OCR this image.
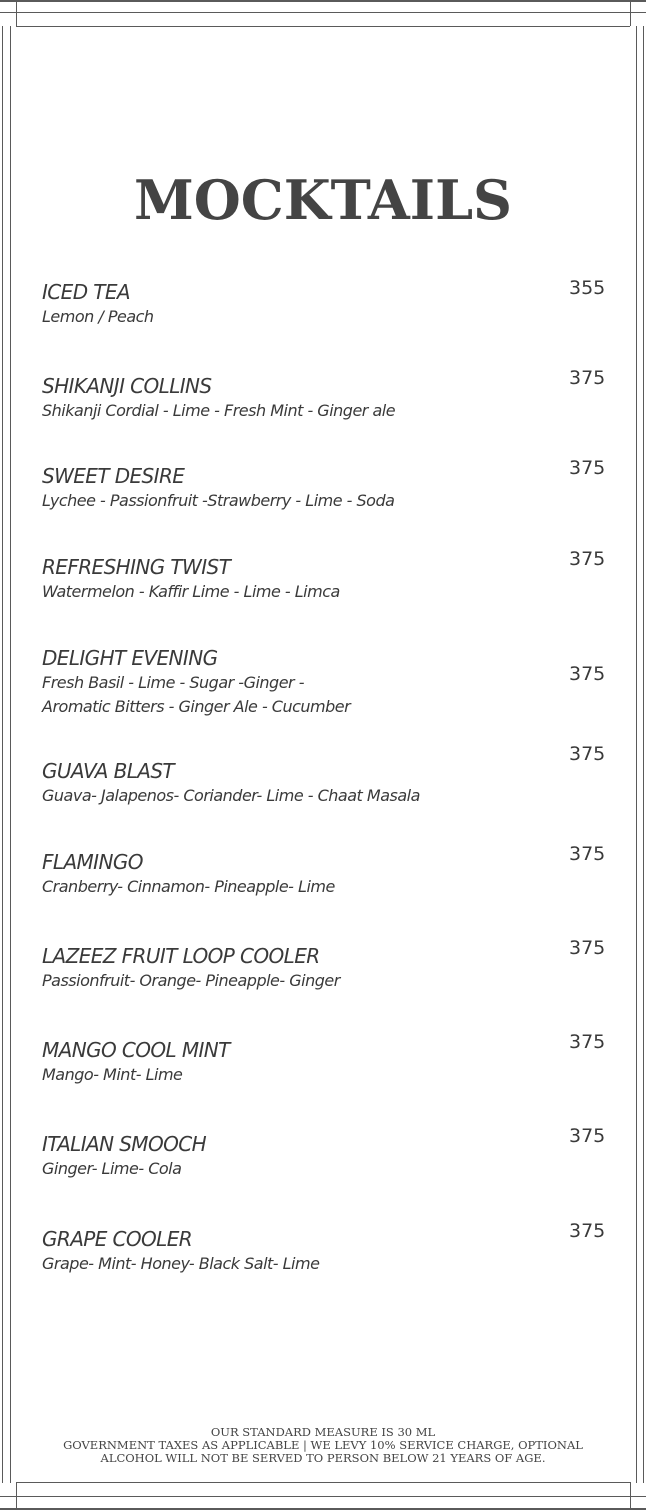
MOCKTAILS
ICED TEA
Lemon / Peach
355
SHIKANJI COLLINS
Shikanji Cordial - Lime - Fresh Mint - Ginger ale
375
SWEET DESIRE
Lychee - Passionfruit -Strawberry - Lime - Soda
375
REFRESHING TWIST
Watermelon - Kaffir Lime - Lime - Limca
375
DELIGHT EVENING
Fresh Basil - Lime - Sugar -Ginger -
Aromatic Bitters - Ginger Ale - Cucumber
375
GUAVA BLAST
Guava- Jalapenos- Coriander- Lime - Chaat Masala
375
FLAMINGO
Cranberry- Cinnamon- Pineapple- Lime
375
LAZEEZ FRUIT LOOP COOLER
Passionfruit- Orange- Pineapple- Ginger
375
MANGO COOL MINT
Mango- Mint- Lime
375
ITALIAN SMOOCH
Ginger- Lime- Cola
375
GRAPE COOLER
Grape- Mint- Honey- Black Salt- Lime
375
OUR STANDARD MEASURE IS 30 ML
GOVERNMENT TAXES AS APPLICABLE | WE LEVY 10% SERVICE CHARGE, OPTIONAL
ALCOHOL WILL NOT BE SERVED TO PERSON BELOW 21 YEARS OF AGE.
